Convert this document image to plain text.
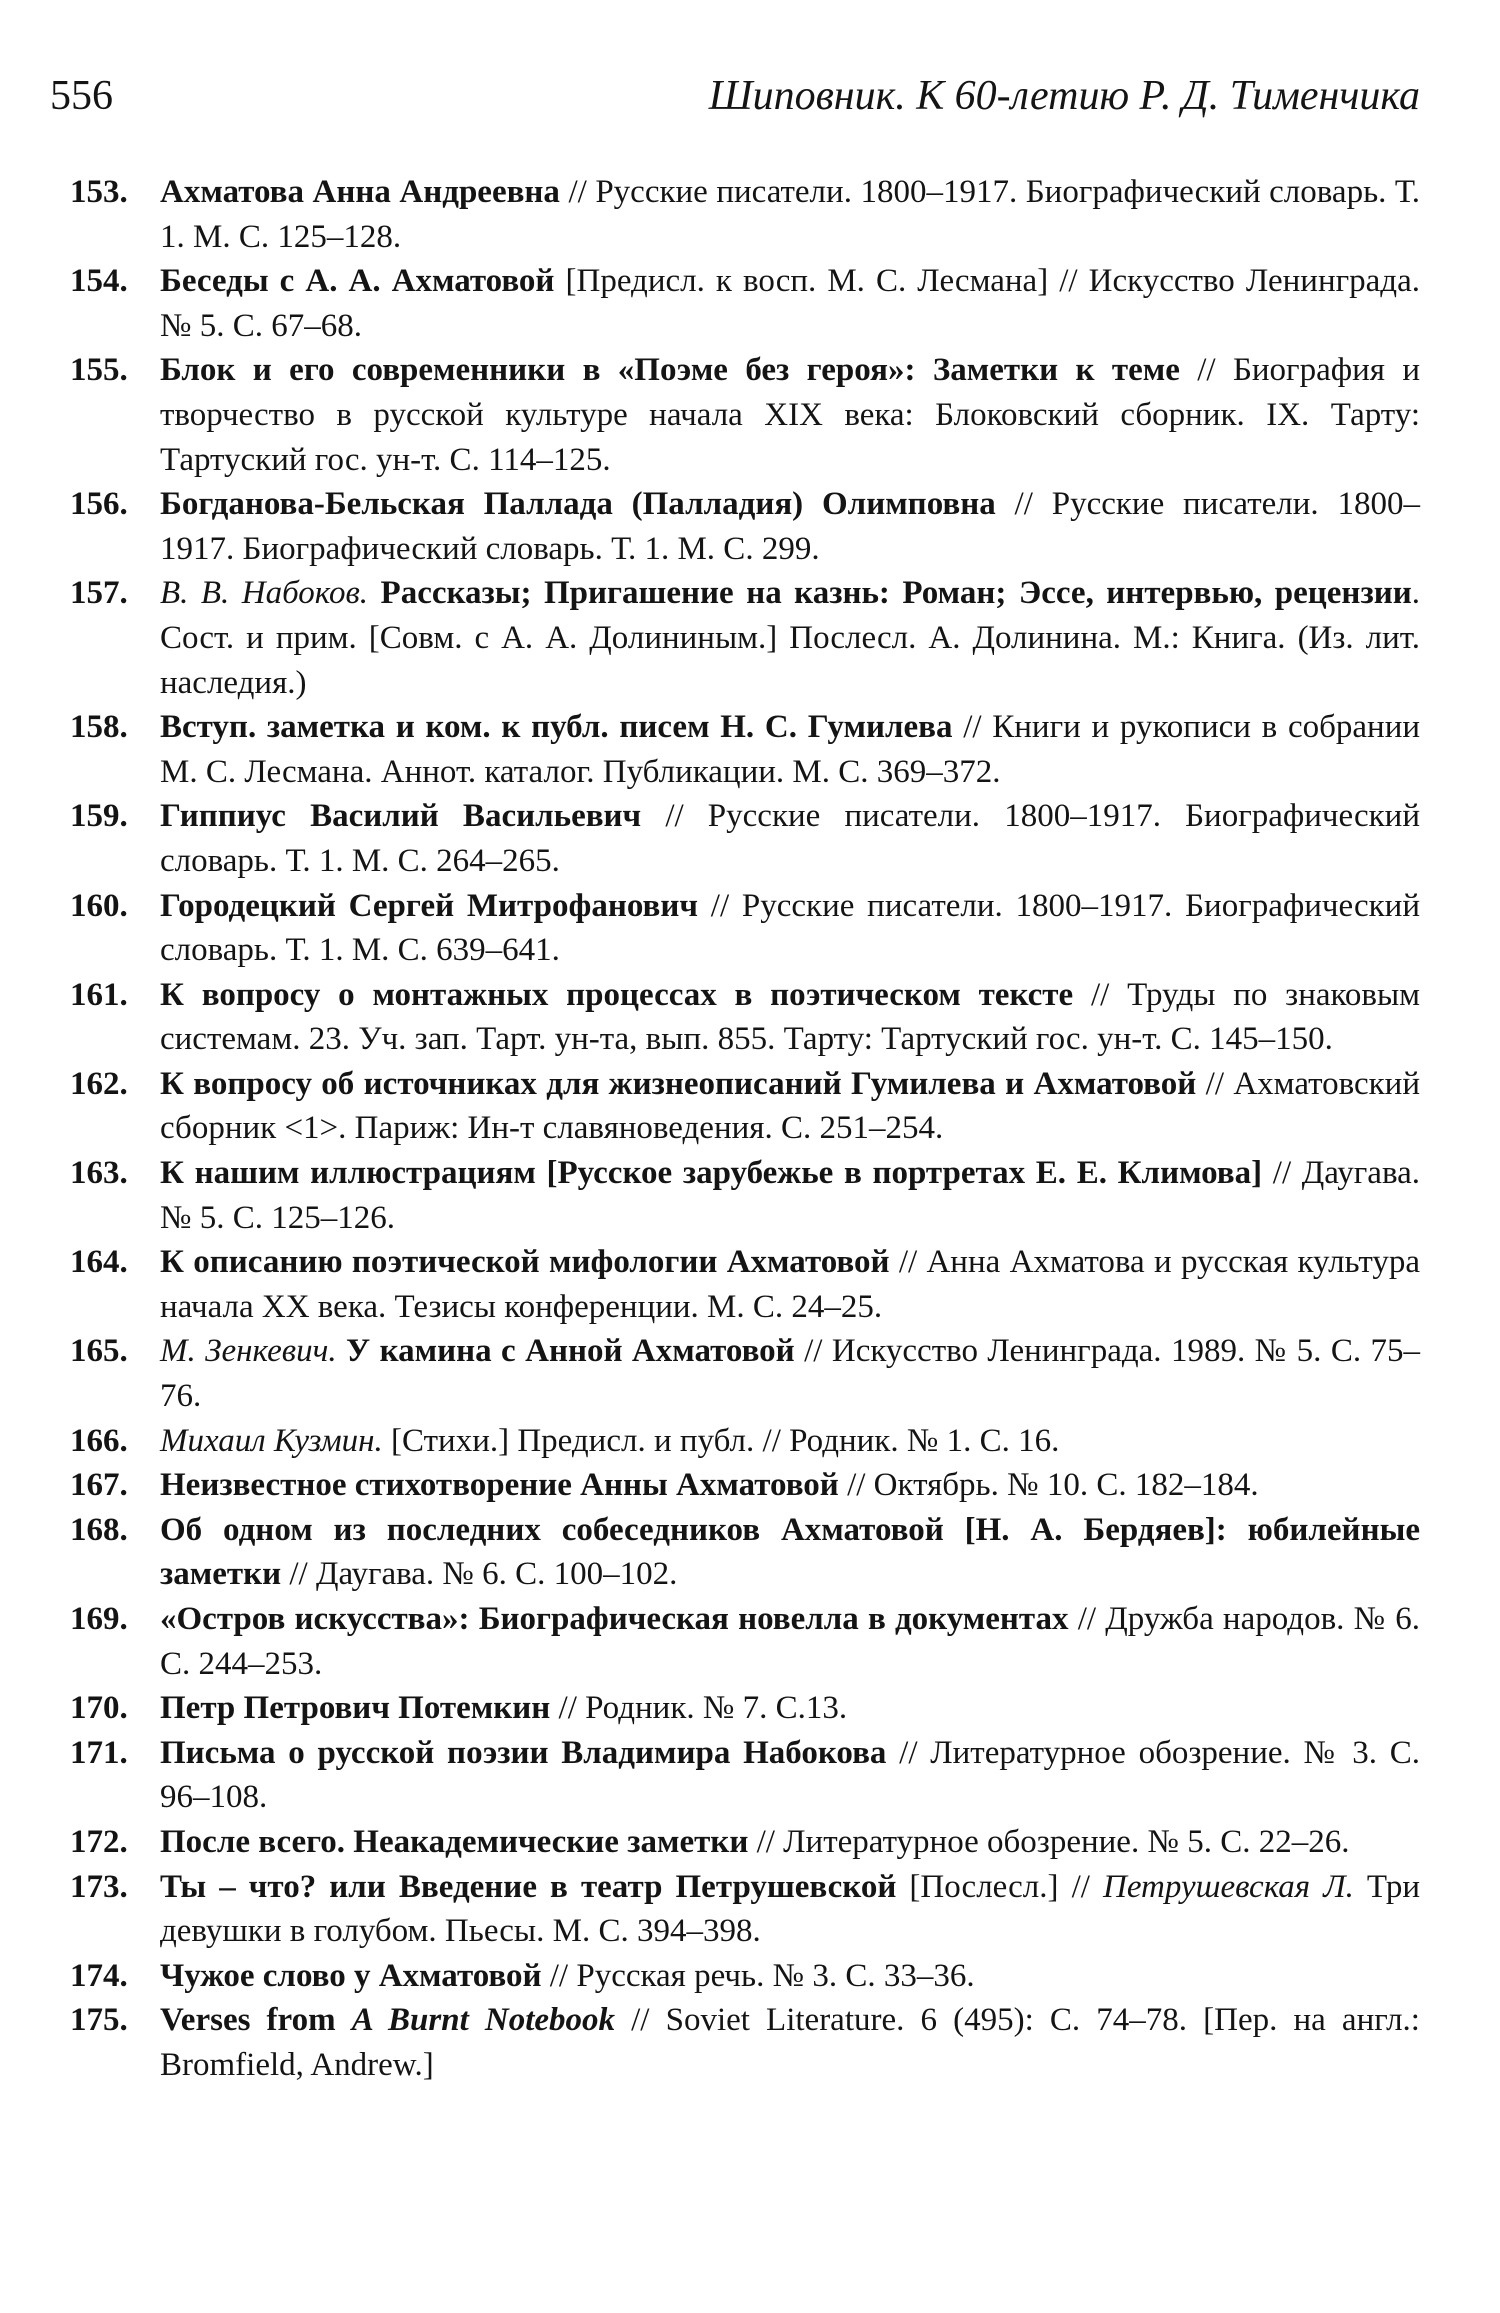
556	Шиповник. К 60-летию Р. Д. Тименчика
153. Ахматова Анна Андреевна // Русские писатели. 1800–1917. Биографический словарь. Т. 1. М. С. 125–128.
154. Беседы с А. А. Ахматовой [Предисл. к восп. М. С. Лесмана] // Искусство Ленинграда. № 5. С. 67–68.
155. Блок и его современники в «Поэме без героя»: Заметки к теме // Биография и творчество в русской культуре начала XIX века: Блоковский сборник. IX. Тарту: Тартуский гос. ун-т. С. 114–125.
156. Богданова-Бельская Паллада (Палладия) Олимповна // Русские писатели. 1800–1917. Биографический словарь. Т. 1. М. С. 299.
157. В. В. Набоков. Рассказы; Пригашение на казнь: Роман; Эссе, интервью, рецензии. Сост. и прим. [Совм. с А. А. Долининым.] Послесл. А. Долинина. М.: Книга. (Из. лит. наследия.)
158. Вступ. заметка и ком. к публ. писем Н. С. Гумилева // Книги и рукописи в собрании М. С. Лесмана. Аннот. каталог. Публикации. М. С. 369–372.
159. Гиппиус Василий Васильевич // Русские писатели. 1800–1917. Биографический словарь. Т. 1. М. С. 264–265.
160. Городецкий Сергей Митрофанович // Русские писатели. 1800–1917. Биографический словарь. Т. 1. М. С. 639–641.
161. К вопросу о монтажных процессах в поэтическом тексте // Труды по знаковым системам. 23. Уч. зап. Тарт. ун-та, вып. 855. Тарту: Тартуский гос. ун-т. С. 145–150.
162. К вопросу об источниках для жизнеописаний Гумилева и Ахматовой // Ахматовский сборник <1>. Париж: Ин-т славяноведения. С. 251–254.
163. К нашим иллюстрациям [Русское зарубежье в портретах Е. Е. Климова] // Даугава. № 5. С. 125–126.
164. К описанию поэтической мифологии Ахматовой // Анна Ахматова и русская культура начала XX века. Тезисы конференции. М. С. 24–25.
165. М. Зенкевич. У камина с Анной Ахматовой // Искусство Ленинграда. 1989. № 5. С. 75–76.
166. Михаил Кузмин. [Стихи.] Предисл. и публ. // Родник. № 1. С. 16.
167. Неизвестное стихотворение Анны Ахматовой // Октябрь. № 10. С. 182–184.
168. Об одном из последних собеседников Ахматовой [Н. А. Бердяев]: юбилейные заметки // Даугава. № 6. С. 100–102.
169. «Остров искусства»: Биографическая новелла в документах // Дружба народов. № 6. С. 244–253.
170. Петр Петрович Потемкин // Родник. № 7. С.13.
171. Письма о русской поэзии Владимира Набокова // Литературное обозрение. № 3. С. 96–108.
172. После всего. Неакадемические заметки // Литературное обозрение. № 5. С. 22–26.
173. Ты – что? или Введение в театр Петрушевской [Послесл.] // Петрушевская Л. Три девушки в голубом. Пьесы. М. С. 394–398.
174. Чужое слово у Ахматовой // Русская речь. № 3. С. 33–36.
175. Verses from A Burnt Notebook // Soviet Literature. 6 (495): С. 74–78. [Пер. на англ.: Bromfield, Andrew.]
